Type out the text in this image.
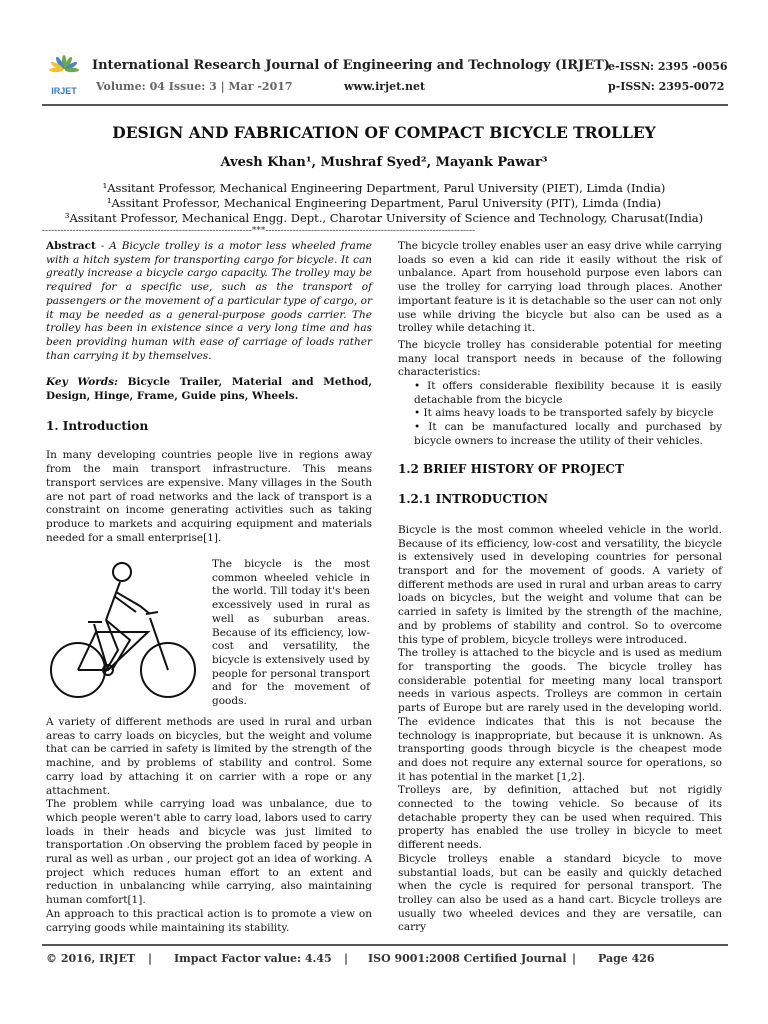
IRJET
International Research Journal of Engineering and Technology (IRJET)
Volume: 04 Issue: 3 | Mar -2017	www.irjet.net
e-ISSN: 2395 -0056
p-ISSN: 2395-0072
DESIGN AND FABRICATION OF COMPACT BICYCLE TROLLEY
Avesh Khan¹, Mushraf Syed², Mayank Pawar³
¹Assitant Professor, Mechanical Engineering Department, Parul University (PIET), Limda (India)
¹Assitant Professor, Mechanical Engineering Department, Parul University (PIT), Limda (India)
³Assitant Professor, Mechanical Engg. Dept., Charotar University of Science and Technology, Charusat(India)
---------------------------------------------------------------------***---------------------------------------------------------------------

Abstract - A Bicycle trolley is a motor less wheeled frame with a hitch system for transporting cargo for bicycle. It can greatly increase a bicycle cargo capacity. The trolley may be required for a specific use, such as the transport of passengers or the movement of a particular type of cargo, or it may be needed as a general-purpose goods carrier. The trolley has been in existence since a very long time and has been providing human with ease of carriage of loads rather than carrying it by themselves.

Key Words: Bicycle Trailer, Material and Method, Design, Hinge, Frame, Guide pins, Wheels.

1. Introduction

In many developing countries people live in regions away from the main transport infrastructure. This means transport services are expensive. Many villages in the South are not part of road networks and the lack of transport is a constraint on income generating activities such as taking produce to markets and acquiring equipment and materials needed for a small enterprise[1].

The bicycle is the most common wheeled vehicle in the world. Till today it's been excessively used in rural as well as suburban areas. Because of its efficiency, low-cost and versatility, the bicycle is extensively used by people for personal transport and for the movement of goods.

A variety of different methods are used in rural and urban areas to carry loads on bicycles, but the weight and volume that can be carried in safety is limited by the strength of the machine, and by problems of stability and control. Some carry load by attaching it on carrier with a rope or any attachment.

The problem while carrying load was unbalance, due to which people weren't able to carry load, labors used to carry loads in their heads and bicycle was just limited to transportation .On observing the problem faced by people in rural as well as urban , our project got an idea of working. A project which reduces human effort to an extent and reduction in unbalancing while carrying, also maintaining human comfort[1].

An approach to this practical action is to promote a view on carrying goods while maintaining its stability.

The bicycle trolley enables user an easy drive while carrying loads so even a kid can ride it easily without the risk of unbalance. Apart from household purpose even labors can use the trolley for carrying load through places. Another important feature is it is detachable so the user can not only use while driving the bicycle but also can be used as a trolley while detaching it.

The bicycle trolley has considerable potential for meeting many local transport needs in because of the following characteristics:

• It offers considerable flexibility because it is easily detachable from the bicycle
• It aims heavy loads to be transported safely by bicycle
• It can be manufactured locally and purchased by bicycle owners to increase the utility of their vehicles.

1.2 BRIEF HISTORY OF PROJECT

1.2.1 INTRODUCTION

Bicycle is the most common wheeled vehicle in the world. Because of its efficiency, low-cost and versatility, the bicycle is extensively used in developing countries for personal transport and for the movement of goods. A variety of different methods are used in rural and urban areas to carry loads on bicycles, but the weight and volume that can be carried in safety is limited by the strength of the machine, and by problems of stability and control. So to overcome this type of problem, bicycle trolleys were introduced.

The trolley is attached to the bicycle and is used as medium for transporting the goods. The bicycle trolley has considerable potential for meeting many local transport needs in various aspects. Trolleys are common in certain parts of Europe but are rarely used in the developing world. The evidence indicates that this is not because the technology is inappropriate, but because it is unknown. As transporting goods through bicycle is the cheapest mode and does not require any external source for operations, so it has potential in the market [1,2].

Trolleys are, by definition, attached but not rigidly connected to the towing vehicle. So because of its detachable property they can be used when required. This property has enabled the use trolley in bicycle to meet different needs.

Bicycle trolleys enable a standard bicycle to move substantial loads, but can be easily and quickly detached when the cycle is required for personal transport. The trolley can also be used as a hand cart. Bicycle trolleys are usually two wheeled devices and they are versatile, can carry

© 2016, IRJET | Impact Factor value: 4.45 | ISO 9001:2008 Certified Journal | Page 426
